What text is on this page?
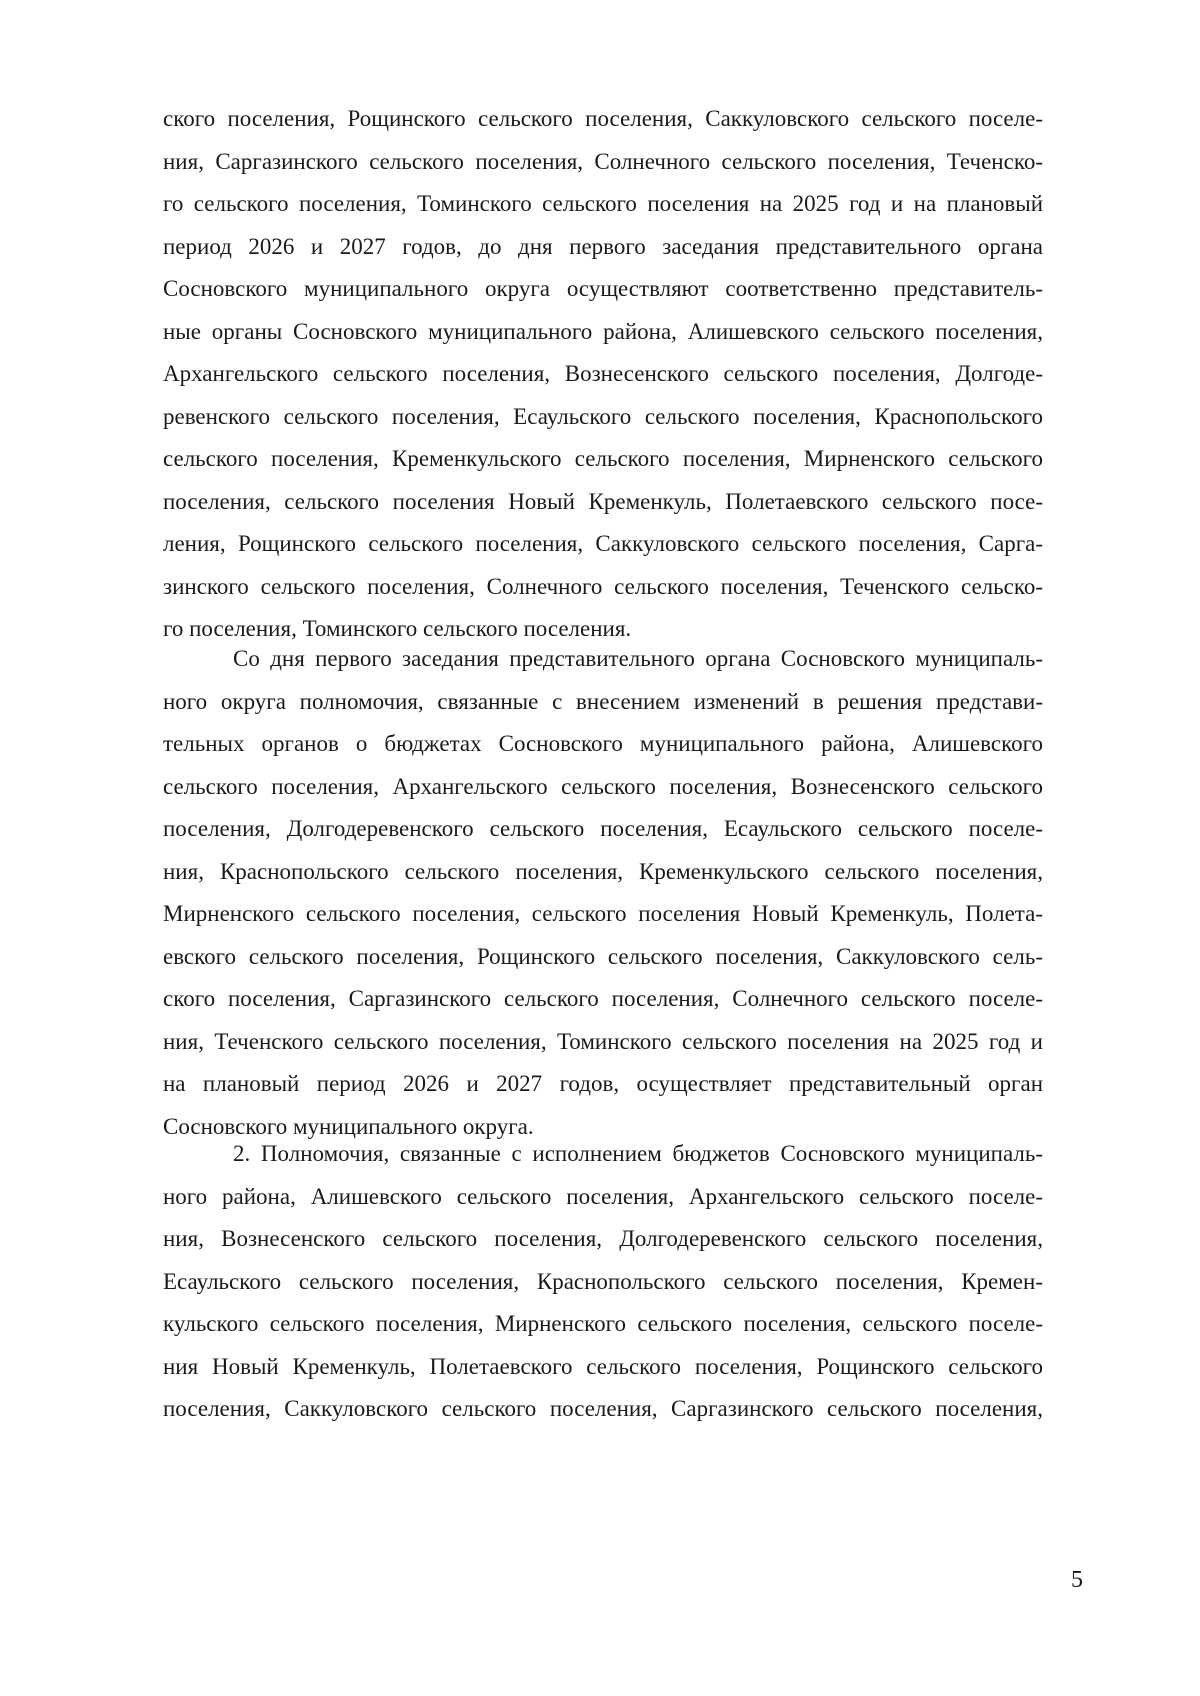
ского поселения, Рощинского сельского поселения, Саккуловского сельского поселе-
ния, Саргазинского сельского поселения, Солнечного сельского поселения, Теченско-
го сельского поселения, Томинского сельского поселения на 2025 год и на плановый
период 2026 и 2027 годов, до дня первого заседания представительного органа
Сосновского муниципального округа осуществляют соответственно представитель-
ные органы Сосновского муниципального района, Алишевского сельского поселения,
Архангельского сельского поселения, Вознесенского сельского поселения, Долгоде-
ревенского сельского поселения, Есаульского сельского поселения, Краснопольского
сельского поселения, Кременкульского сельского поселения, Мирненского сельского
поселения, сельского поселения Новый Кременкуль, Полетаевского сельского посе-
ления, Рощинского сельского поселения, Саккуловского сельского поселения, Сарга-
зинского сельского поселения, Солнечного сельского поселения, Теченского сельско-
го поселения, Томинского сельского поселения.
Со дня первого заседания представительного органа Сосновского муниципаль-
ного округа полномочия, связанные с внесением изменений в решения представи-
тельных органов о бюджетах Сосновского муниципального района, Алишевского
сельского поселения, Архангельского сельского поселения, Вознесенского сельского
поселения, Долгодеревенского сельского поселения, Есаульского сельского поселе-
ния, Краснопольского сельского поселения, Кременкульского сельского поселения,
Мирненского сельского поселения, сельского поселения Новый Кременкуль, Полета-
евского сельского поселения, Рощинского сельского поселения, Саккуловского сель-
ского поселения, Саргазинского сельского поселения, Солнечного сельского поселе-
ния, Теченского сельского поселения, Томинского сельского поселения на 2025 год и
на плановый период 2026 и 2027 годов, осуществляет представительный орган
Сосновского муниципального округа.
2. Полномочия, связанные с исполнением бюджетов Сосновского муниципаль-
ного района, Алишевского сельского поселения, Архангельского сельского поселе-
ния, Вознесенского сельского поселения, Долгодеревенского сельского поселения,
Есаульского сельского поселения, Краснопольского сельского поселения, Кремен-
кульского сельского поселения, Мирненского сельского поселения, сельского поселе-
ния Новый Кременкуль, Полетаевского сельского поселения, Рощинского сельского
поселения, Саккуловского сельского поселения, Саргазинского сельского поселения,
5
